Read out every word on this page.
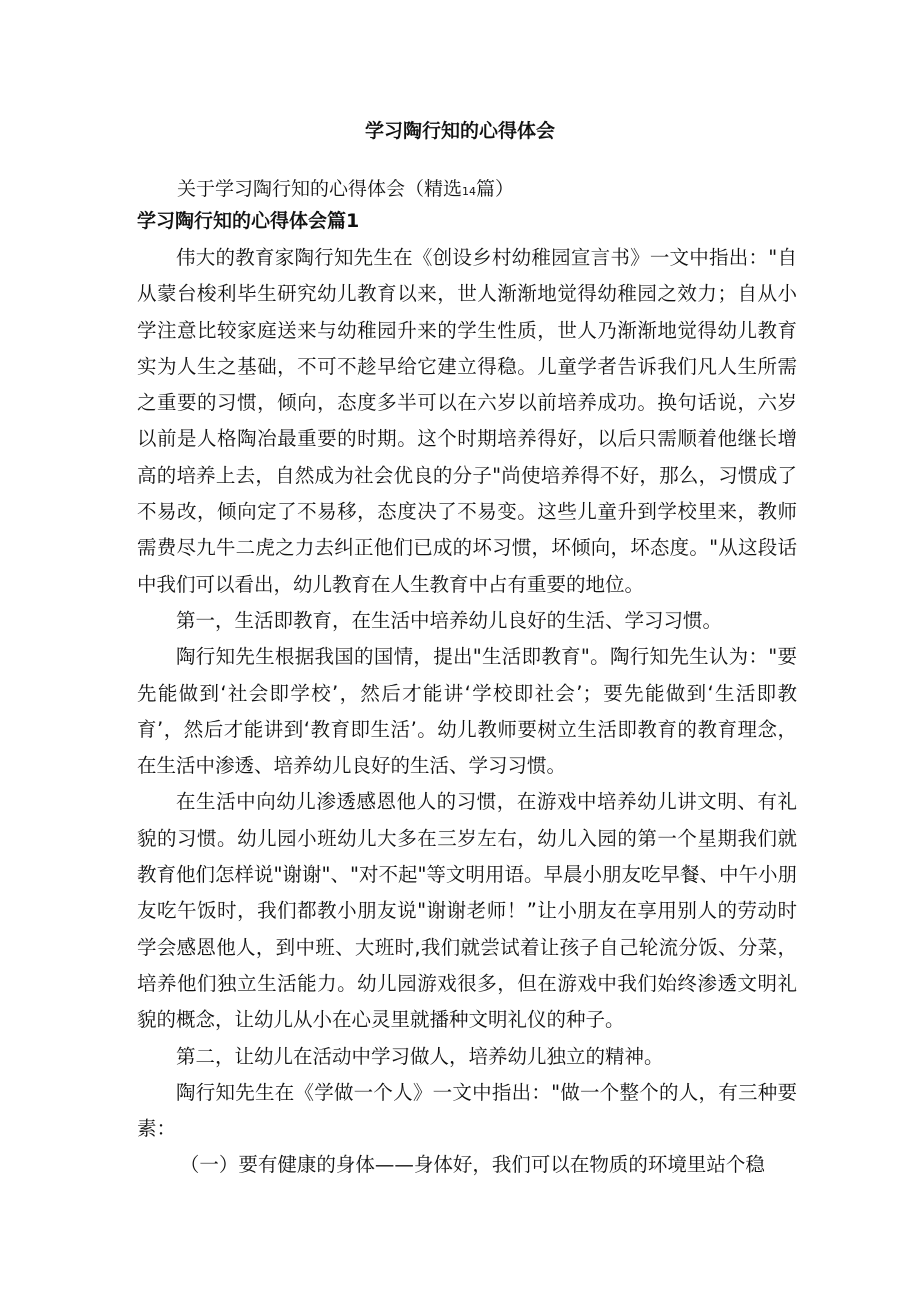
学习陶行知的心得体会
关于学习陶行知的心得体会（精选14篇）
学习陶行知的心得体会篇1

伟大的教育家陶行知先生在《创设乡村幼稚园宣言书》一文中指出："自从蒙台梭利毕生研究幼儿教育以来，世人渐渐地觉得幼稚园之效力；自从小学注意比较家庭送来与幼稚园升来的学生性质，世人乃渐渐地觉得幼儿教育实为人生之基础，不可不趁早给它建立得稳。儿童学者告诉我们凡人生所需之重要的习惯，倾向，态度多半可以在六岁以前培养成功。换句话说，六岁以前是人格陶冶最重要的时期。这个时期培养得好，以后只需顺着他继长增高的培养上去，自然成为社会优良的分子"尚使培养得不好，那么，习惯成了不易改，倾向定了不易移，态度决了不易变。这些儿童升到学校里来，教师需费尽九牛二虎之力去纠正他们已成的坏习惯，坏倾向，坏态度。"从这段话中我们可以看出，幼儿教育在人生教育中占有重要的地位。

第一，生活即教育，在生活中培养幼儿良好的生活、学习习惯。

陶行知先生根据我国的国情，提出"生活即教育"。陶行知先生认为："要先能做到‘社会即学校’，然后才能讲‘学校即社会’；要先能做到‘生活即教育’，然后才能讲到‘教育即生活’。幼儿教师要树立生活即教育的教育理念，在生活中渗透、培养幼儿良好的生活、学习习惯。

在生活中向幼儿渗透感恩他人的习惯，在游戏中培养幼儿讲文明、有礼貌的习惯。幼儿园小班幼儿大多在三岁左右，幼儿入园的第一个星期我们就教育他们怎样说"谢谢"、"对不起"等文明用语。早晨小朋友吃早餐、中午小朋友吃午饭时，我们都教小朋友说"谢谢老师！”让小朋友在享用别人的劳动时学会感恩他人，到中班、大班时,我们就尝试着让孩子自己轮流分饭、分菜，培养他们独立生活能力。幼儿园游戏很多，但在游戏中我们始终渗透文明礼貌的概念，让幼儿从小在心灵里就播种文明礼仪的种子。

第二，让幼儿在活动中学习做人，培养幼儿独立的精神。

陶行知先生在《学做一个人》一文中指出："做一个整个的人，有三种要素：

（一）要有健康的身体——身体好，我们可以在物质的环境里站个稳
